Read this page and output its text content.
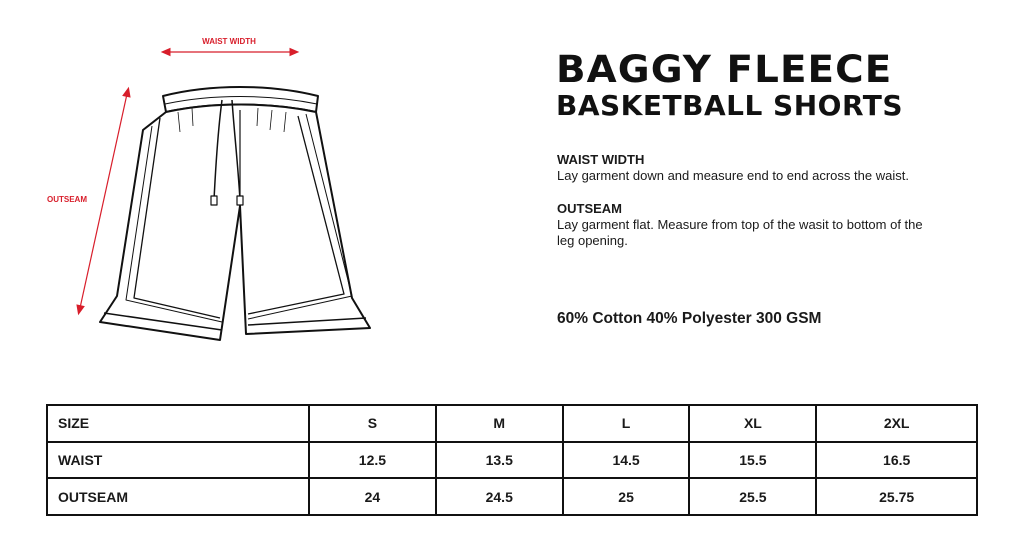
WAIST WIDTH
OUTSEAM
BAGGY FLEECE
BASKETBALL SHORTS
WAIST WIDTH
Lay garment down and measure end to end across the waist.
OUTSEAM
Lay garment flat. Measure from top of the wasit to bottom of the leg opening.
60% Cotton 40% Polyester 300 GSM
SIZE	S	M	L	XL	2XL
WAIST	12.5	13.5	14.5	15.5	16.5
OUTSEAM	24	24.5	25	25.5	25.75
